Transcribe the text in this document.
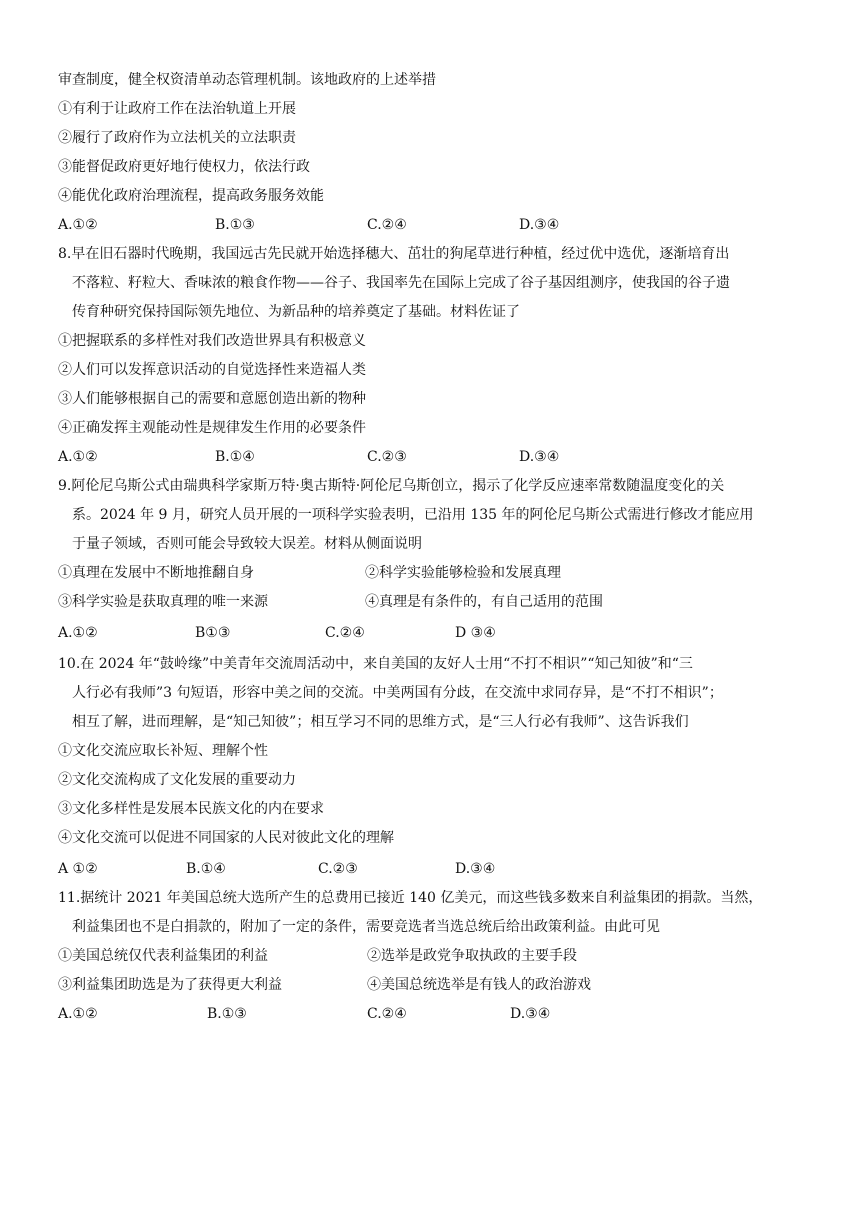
审查制度，健全权资清单动态管理机制。该地政府的上述举措
①有利于让政府工作在法治轨道上开展
②履行了政府作为立法机关的立法职责
③能督促政府更好地行使权力，依法行政
④能优化政府治理流程，提高政务服务效能
A.①②	B.①③	C.②④	D.③④
8.早在旧石器时代晚期，我国远古先民就开始选择穗大、茁壮的狗尾草进行种植，经过优中选优，逐渐培育出
不落粒、籽粒大、香味浓的粮食作物——谷子、我国率先在国际上完成了谷子基因组测序，使我国的谷子遗
传育种研究保持国际领先地位、为新品种的培养奠定了基础。材料佐证了
①把握联系的多样性对我们改造世界具有积极意义
②人们可以发挥意识活动的自觉选择性来造福人类
③人们能够根据自己的需要和意愿创造出新的物种
④正确发挥主观能动性是规律发生作用的必要条件
A.①②	B.①④	C.②③	D.③④
9.阿伦尼乌斯公式由瑞典科学家斯万特·奥古斯特·阿伦尼乌斯创立，揭示了化学反应速率常数随温度变化的关
系。2024 年 9 月，研究人员开展的一项科学实验表明，已沿用 135 年的阿伦尼乌斯公式需进行修改才能应用
于量子领域，否则可能会导致较大误差。材料从侧面说明
①真理在发展中不断地推翻自身	②科学实验能够检验和发展真理
③科学实验是获取真理的唯一来源	④真理是有条件的，有自己适用的范围
A.①②	B①③	C.②④	D ③④
10.在 2024 年“鼓岭缘”中美青年交流周活动中，来自美国的友好人士用“不打不相识”“知己知彼”和“三
人行必有我师”3 句短语，形容中美之间的交流。中美两国有分歧，在交流中求同存异，是“不打不相识”；
相互了解，进而理解，是“知己知彼”；相互学习不同的思维方式，是“三人行必有我师”、这告诉我们
①文化交流应取长补短、理解个性
②文化交流构成了文化发展的重要动力
③文化多样性是发展本民族文化的内在要求
④文化交流可以促进不同国家的人民对彼此文化的理解
A ①②	B.①④	C.②③	D.③④
11.据统计 2021 年美国总统大选所产生的总费用已接近 140 亿美元，而这些钱多数来自利益集团的捐款。当然，
利益集团也不是白捐款的，附加了一定的条件，需要竞选者当选总统后给出政策利益。由此可见
①美国总统仅代表利益集团的利益	②选举是政党争取执政的主要手段
③利益集团助选是为了获得更大利益	④美国总统选举是有钱人的政治游戏
A.①②	B.①③	C.②④	D.③④
